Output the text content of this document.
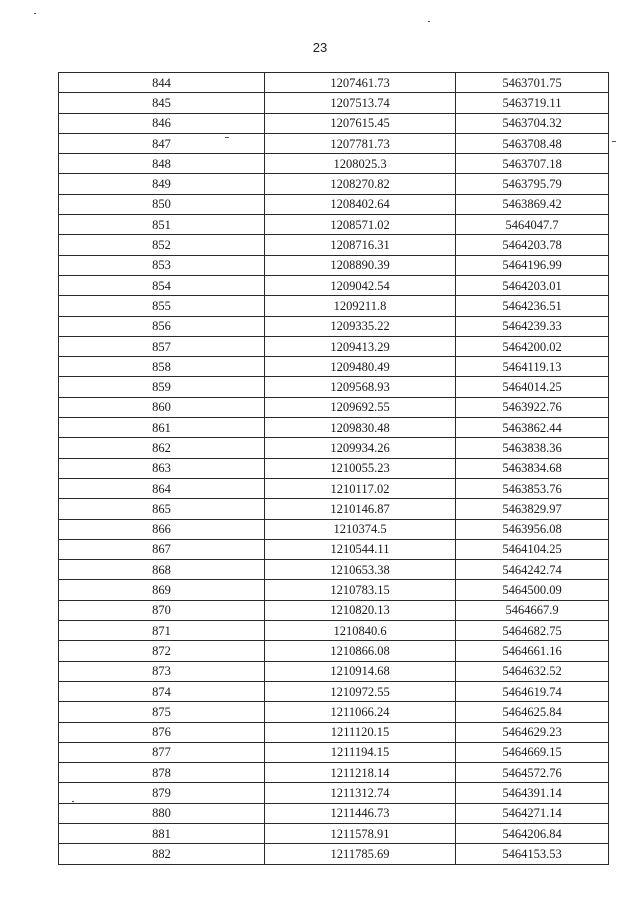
23
844	1207461.73	5463701.75
845	1207513.74	5463719.11
846	1207615.45	5463704.32
847	1207781.73	5463708.48
848	1208025.3	5463707.18
849	1208270.82	5463795.79
850	1208402.64	5463869.42
851	1208571.02	5464047.7
852	1208716.31	5464203.78
853	1208890.39	5464196.99
854	1209042.54	5464203.01
855	1209211.8	5464236.51
856	1209335.22	5464239.33
857	1209413.29	5464200.02
858	1209480.49	5464119.13
859	1209568.93	5464014.25
860	1209692.55	5463922.76
861	1209830.48	5463862.44
862	1209934.26	5463838.36
863	1210055.23	5463834.68
864	1210117.02	5463853.76
865	1210146.87	5463829.97
866	1210374.5	5463956.08
867	1210544.11	5464104.25
868	1210653.38	5464242.74
869	1210783.15	5464500.09
870	1210820.13	5464667.9
871	1210840.6	5464682.75
872	1210866.08	5464661.16
873	1210914.68	5464632.52
874	1210972.55	5464619.74
875	1211066.24	5464625.84
876	1211120.15	5464629.23
877	1211194.15	5464669.15
878	1211218.14	5464572.76
879	1211312.74	5464391.14
880	1211446.73	5464271.14
881	1211578.91	5464206.84
882	1211785.69	5464153.53
